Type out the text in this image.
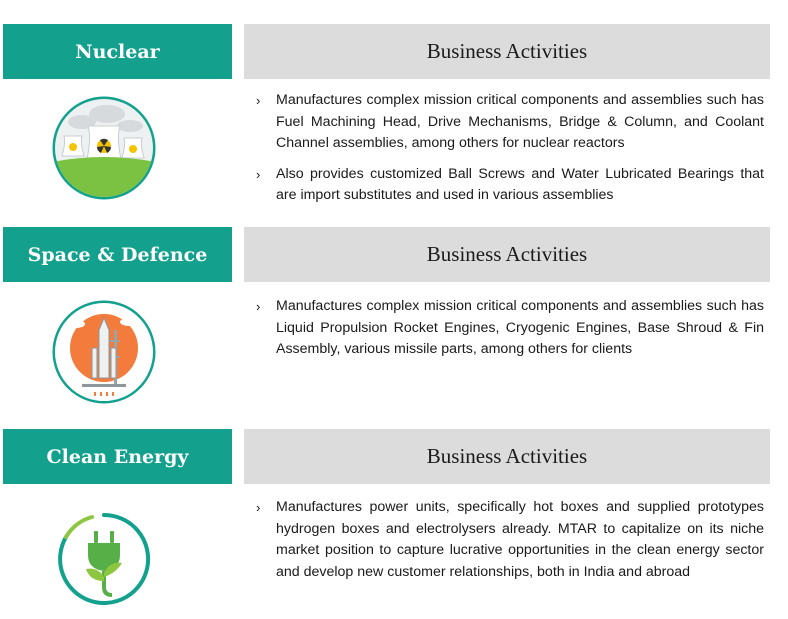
Nuclear	Business Activities
›	Manufactures complex mission critical components and assemblies such has Fuel Machining Head, Drive Mechanisms, Bridge & Column, and Coolant Channel assemblies, among others for nuclear reactors
›	Also provides customized Ball Screws and Water Lubricated Bearings that are import substitutes and used in various assemblies
Space & Defence	Business Activities
›	Manufactures complex mission critical components and assemblies such has Liquid Propulsion Rocket Engines, Cryogenic Engines, Base Shroud & Fin Assembly, various missile parts, among others for clients
Clean Energy	Business Activities
›	Manufactures power units, specifically hot boxes and supplied prototypes hydrogen boxes and electrolysers already. MTAR to capitalize on its niche market position to capture lucrative opportunities in the clean energy sector and develop new customer relationships, both in India and abroad
